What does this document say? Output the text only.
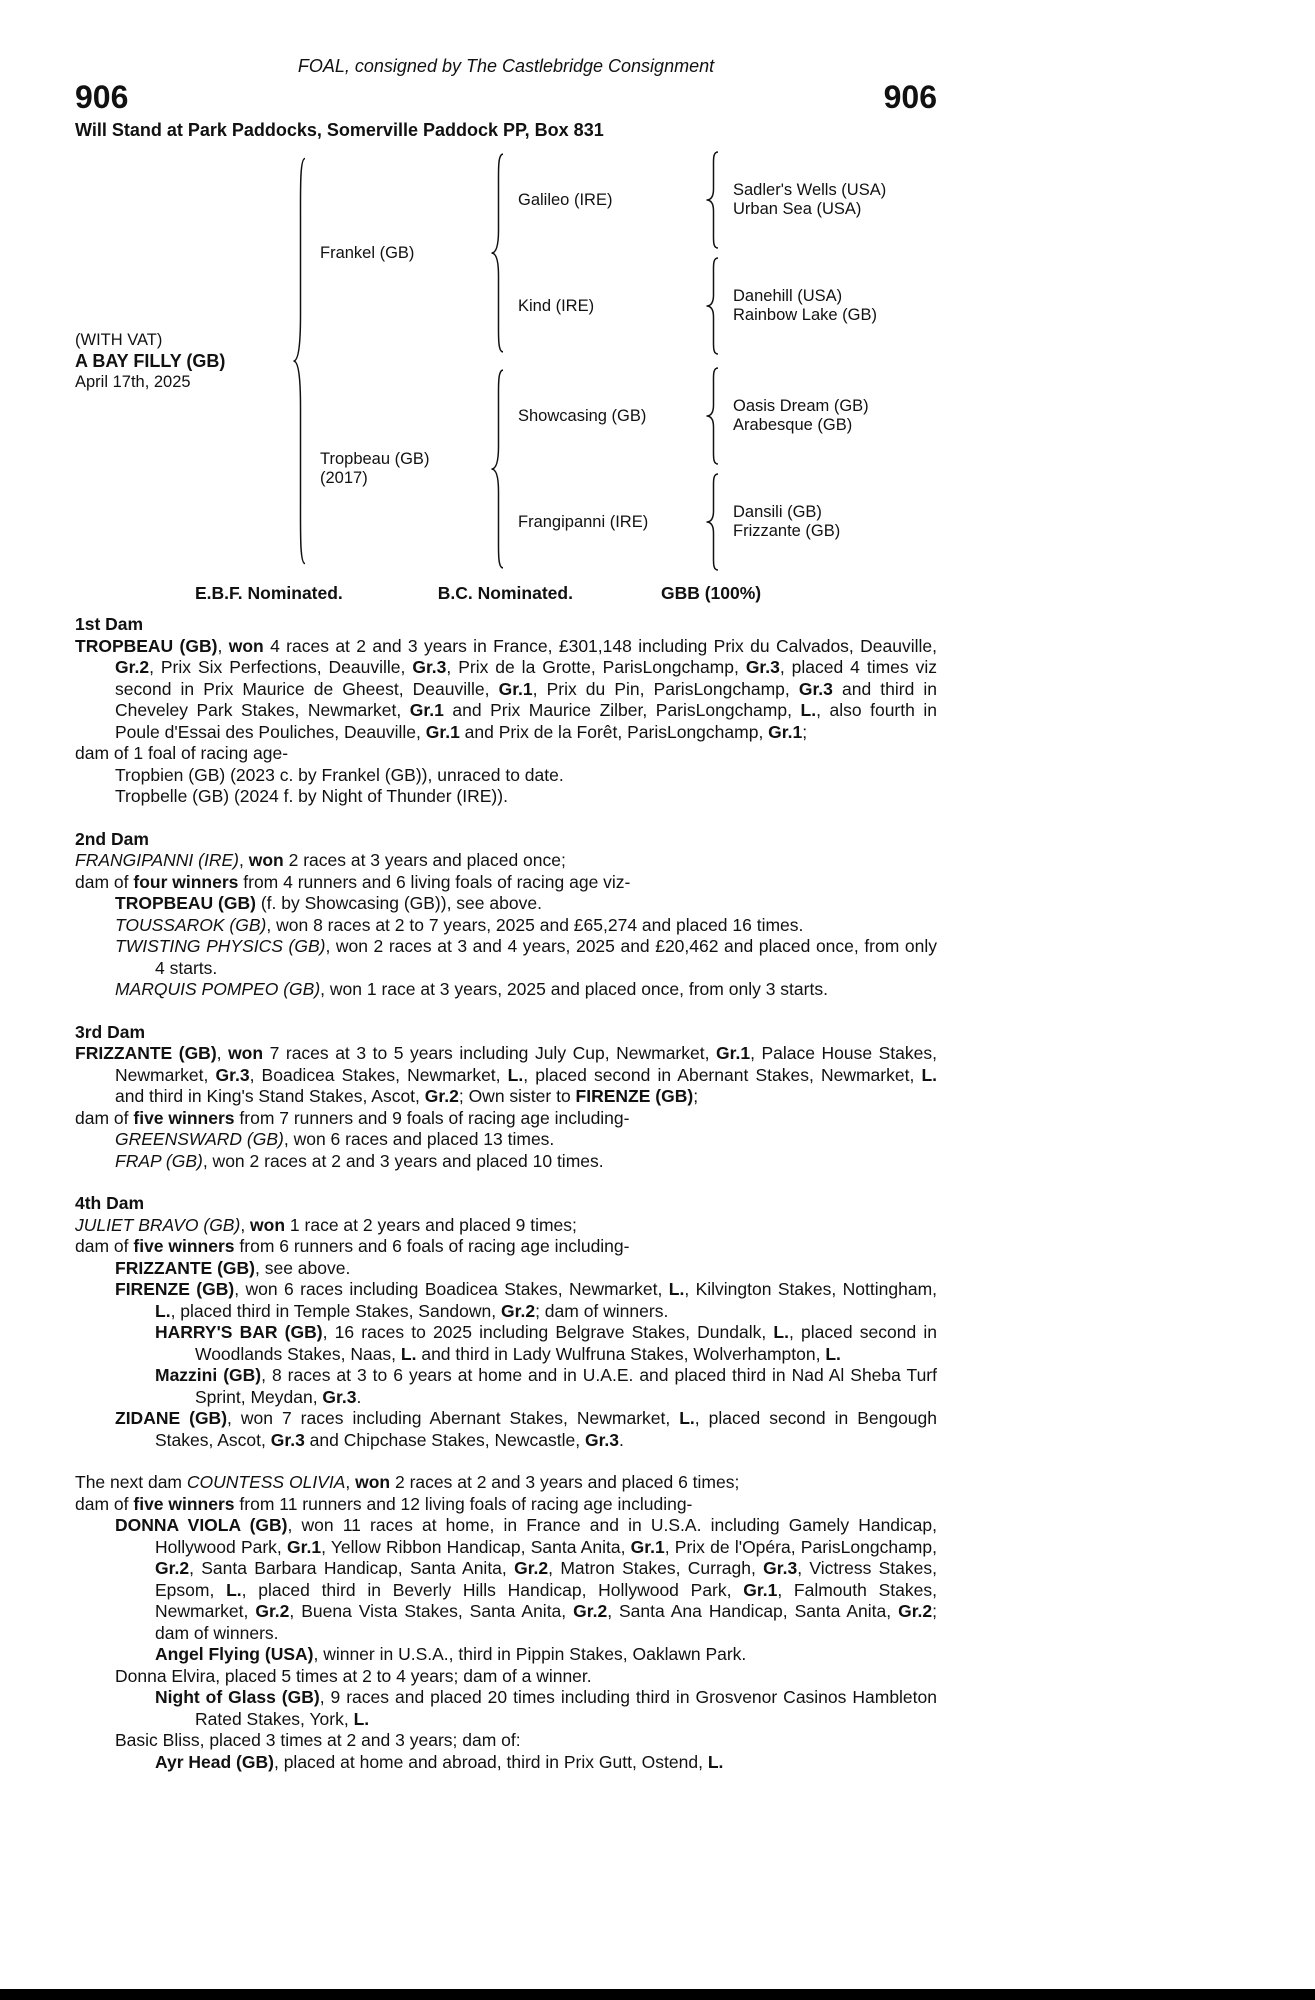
FOAL, consigned by The Castlebridge Consignment
906	906
Will Stand at Park Paddocks, Somerville Paddock PP, Box 831
(WITH VAT)
A BAY FILLY (GB)
April 17th, 2025
Frankel (GB)
Galileo (IRE)
Sadler's Wells (USA)
Urban Sea (USA)
Kind (IRE)
Danehill (USA)
Rainbow Lake (GB)
Tropbeau (GB)
(2017)
Showcasing (GB)
Oasis Dream (GB)
Arabesque (GB)
Frangipanni (IRE)
Dansili (GB)
Frizzante (GB)
E.B.F. Nominated.	B.C. Nominated.	GBB (100%)
1st Dam
TROPBEAU (GB), won 4 races at 2 and 3 years in France, £301,148 including Prix du Calvados, Deauville, Gr.2, Prix Six Perfections, Deauville, Gr.3, Prix de la Grotte, ParisLongchamp, Gr.3, placed 4 times viz second in Prix Maurice de Gheest, Deauville, Gr.1, Prix du Pin, ParisLongchamp, Gr.3 and third in Cheveley Park Stakes, Newmarket, Gr.1 and Prix Maurice Zilber, ParisLongchamp, L., also fourth in Poule d'Essai des Pouliches, Deauville, Gr.1 and Prix de la Forêt, ParisLongchamp, Gr.1;
dam of 1 foal of racing age-
Tropbien (GB) (2023 c. by Frankel (GB)), unraced to date.
Tropbelle (GB) (2024 f. by Night of Thunder (IRE)).
2nd Dam
FRANGIPANNI (IRE), won 2 races at 3 years and placed once;
dam of four winners from 4 runners and 6 living foals of racing age viz-
TROPBEAU (GB) (f. by Showcasing (GB)), see above.
TOUSSAROK (GB), won 8 races at 2 to 7 years, 2025 and £65,274 and placed 16 times.
TWISTING PHYSICS (GB), won 2 races at 3 and 4 years, 2025 and £20,462 and placed once, from only 4 starts.
MARQUIS POMPEO (GB), won 1 race at 3 years, 2025 and placed once, from only 3 starts.
3rd Dam
FRIZZANTE (GB), won 7 races at 3 to 5 years including July Cup, Newmarket, Gr.1, Palace House Stakes, Newmarket, Gr.3, Boadicea Stakes, Newmarket, L., placed second in Abernant Stakes, Newmarket, L. and third in King's Stand Stakes, Ascot, Gr.2; Own sister to FIRENZE (GB);
dam of five winners from 7 runners and 9 foals of racing age including-
GREENSWARD (GB), won 6 races and placed 13 times.
FRAP (GB), won 2 races at 2 and 3 years and placed 10 times.
4th Dam
JULIET BRAVO (GB), won 1 race at 2 years and placed 9 times;
dam of five winners from 6 runners and 6 foals of racing age including-
FRIZZANTE (GB), see above.
FIRENZE (GB), won 6 races including Boadicea Stakes, Newmarket, L., Kilvington Stakes, Nottingham, L., placed third in Temple Stakes, Sandown, Gr.2; dam of winners.
HARRY'S BAR (GB), 16 races to 2025 including Belgrave Stakes, Dundalk, L., placed second in Woodlands Stakes, Naas, L. and third in Lady Wulfruna Stakes, Wolverhampton, L.
Mazzini (GB), 8 races at 3 to 6 years at home and in U.A.E. and placed third in Nad Al Sheba Turf Sprint, Meydan, Gr.3.
ZIDANE (GB), won 7 races including Abernant Stakes, Newmarket, L., placed second in Bengough Stakes, Ascot, Gr.3 and Chipchase Stakes, Newcastle, Gr.3.
The next dam COUNTESS OLIVIA, won 2 races at 2 and 3 years and placed 6 times;
dam of five winners from 11 runners and 12 living foals of racing age including-
DONNA VIOLA (GB), won 11 races at home, in France and in U.S.A. including Gamely Handicap, Hollywood Park, Gr.1, Yellow Ribbon Handicap, Santa Anita, Gr.1, Prix de l'Opéra, ParisLongchamp, Gr.2, Santa Barbara Handicap, Santa Anita, Gr.2, Matron Stakes, Curragh, Gr.3, Victress Stakes, Epsom, L., placed third in Beverly Hills Handicap, Hollywood Park, Gr.1, Falmouth Stakes, Newmarket, Gr.2, Buena Vista Stakes, Santa Anita, Gr.2, Santa Ana Handicap, Santa Anita, Gr.2; dam of winners.
Angel Flying (USA), winner in U.S.A., third in Pippin Stakes, Oaklawn Park.
Donna Elvira, placed 5 times at 2 to 4 years; dam of a winner.
Night of Glass (GB), 9 races and placed 20 times including third in Grosvenor Casinos Hambleton Rated Stakes, York, L.
Basic Bliss, placed 3 times at 2 and 3 years; dam of:
Ayr Head (GB), placed at home and abroad, third in Prix Gutt, Ostend, L.
